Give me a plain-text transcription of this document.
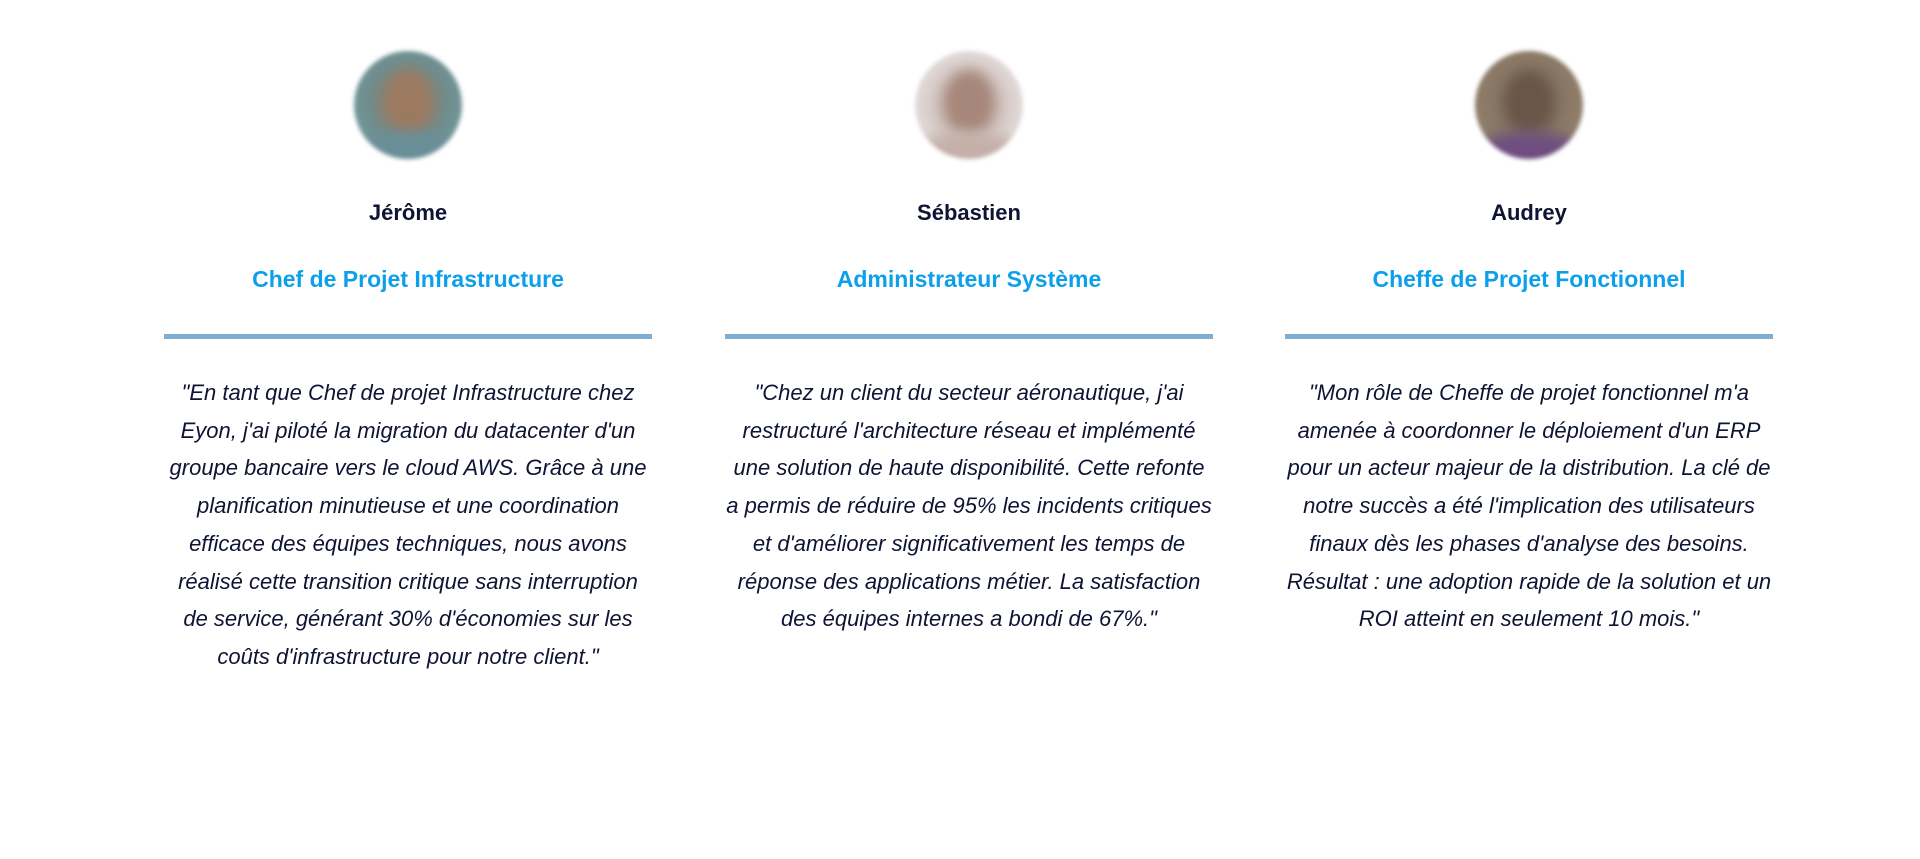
Jérôme
Chef de Projet Infrastructure
"En tant que Chef de projet Infrastructure chez Eyon, j'ai piloté la migration du datacenter d'un groupe bancaire vers le cloud AWS. Grâce à une planification minutieuse et une coordination efficace des équipes techniques, nous avons réalisé cette transition critique sans interruption de service, générant 30% d'économies sur les coûts d'infrastructure pour notre client."
Sébastien
Administrateur Système
"Chez un client du secteur aéronautique, j'ai restructuré l'architecture réseau et implémenté une solution de haute disponibilité. Cette refonte a permis de réduire de 95% les incidents critiques et d'améliorer significativement les temps de réponse des applications métier. La satisfaction des équipes internes a bondi de 67%."
Audrey
Cheffe de Projet Fonctionnel
"Mon rôle de Cheffe de projet fonctionnel m'a amenée à coordonner le déploiement d'un ERP pour un acteur majeur de la distribution. La clé de notre succès a été l'implication des utilisateurs finaux dès les phases d'analyse des besoins. Résultat : une adoption rapide de la solution et un ROI atteint en seulement 10 mois."
